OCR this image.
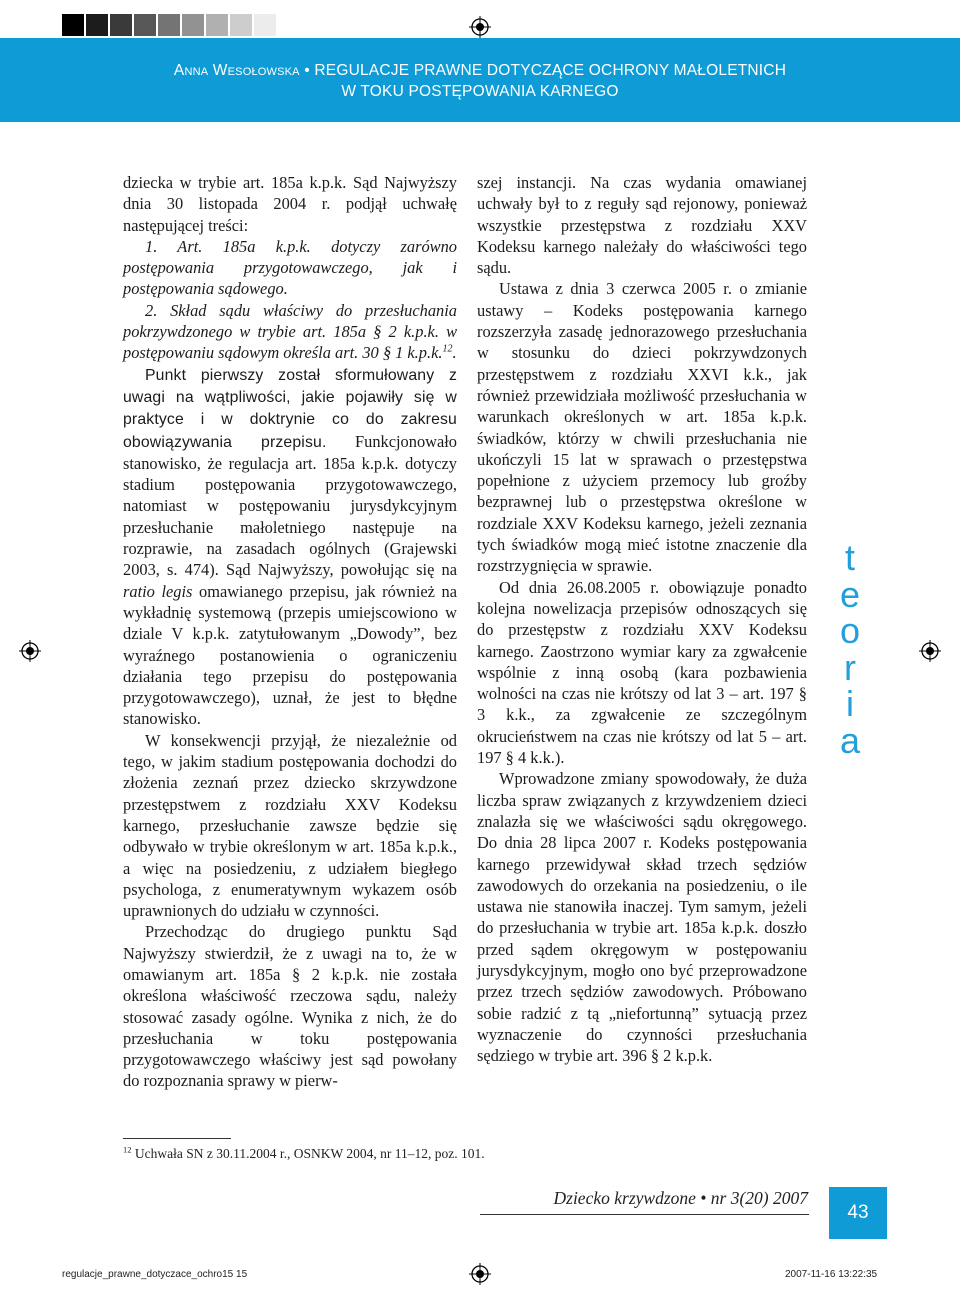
Anna Wesołowska • REGULACJE PRAWNE DOTYCZĄCE OCHRONY MAŁOLETNICH
W TOKU POSTĘPOWANIA KARNEGO

dziecka w trybie art. 185a k.p.k. Sąd Najwyższy dnia 30 listopada 2004 r. podjął uchwałę następującej treści:

1. Art. 185a k.p.k. dotyczy zarówno postępowania przygotowawczego, jak i postępowania sądowego.

2. Skład sądu właściwy do przesłuchania pokrzywdzonego w trybie art. 185a § 2 k.p.k. w postępowaniu sądowym określa art. 30 § 1 k.p.k.$^{12}$.

Punkt pierwszy został sformułowany z uwagi na wątpliwości, jakie pojawiły się w praktyce i w doktrynie co do zakresu obowiązywania przepisu. Funkcjonowało stanowisko, że regulacja art. 185a k.p.k. dotyczy stadium postępowania przygotowawczego, natomiast w postępowaniu jurysdykcyjnym przesłuchanie małoletniego następuje na rozprawie, na zasadach ogólnych (Grajewski 2003, s. 474). Sąd Najwyższy, powołując się na ratio legis omawianego przepisu, jak również na wykładnię systemową (przepis umiejscowiono w dziale V k.p.k. zatytułowanym „Dowody”, bez wyraźnego postanowienia o ograniczeniu działania tego przepisu do postępowania przygotowawczego), uznał, że jest to błędne stanowisko.

W konsekwencji przyjął, że niezależnie od tego, w jakim stadium postępowania dochodzi do złożenia zeznań przez dziecko skrzywdzone przestępstwem z rozdziału XXV Kodeksu karnego, przesłuchanie zawsze będzie się odbywało w trybie określonym w art. 185a k.p.k., a więc na posiedzeniu, z udziałem biegłego psychologa, z enumeratywnym wykazem osób uprawnionych do udziału w czynności.

Przechodząc do drugiego punktu Sąd Najwyższy stwierdził, że z uwagi na to, że w omawianym art. 185a § 2 k.p.k. nie została określona właściwość rzeczowa sądu, należy stosować zasady ogólne. Wynika z nich, że do przesłuchania w toku postępowania przygotowawczego właściwy jest sąd powołany do rozpoznania sprawy w pierw-

szej instancji. Na czas wydania omawianej uchwały był to z reguły sąd rejonowy, ponieważ wszystkie przestępstwa z rozdziału XXV Kodeksu karnego należały do właściwości tego sądu.

Ustawa z dnia 3 czerwca 2005 r. o zmianie ustawy – Kodeks postępowania karnego rozszerzyła zasadę jednorazowego przesłuchania w stosunku do dzieci pokrzywdzonych przestępstwem z rozdziału XXVI k.k., jak również przewidziała możliwość przesłuchania w warunkach określonych w art. 185a k.p.k. świadków, którzy w chwili przesłuchania nie ukończyli 15 lat w sprawach o przestępstwa popełnione z użyciem przemocy lub groźby bezprawnej lub o przestępstwa określone w rozdziale XXV Kodeksu karnego, jeżeli zeznania tych świadków mogą mieć istotne znaczenie dla rozstrzygnięcia w sprawie.

Od dnia 26.08.2005 r. obowiązuje ponadto kolejna nowelizacja przepisów odnoszących się do przestępstw z rozdziału XXV Kodeksu karnego. Zaostrzono wymiar kary za zgwałcenie wspólnie z inną osobą (kara pozbawienia wolności na czas nie krótszy od lat 3 – art. 197 § 3 k.k., za zgwałcenie ze szczególnym okrucieństwem na czas nie krótszy od lat 5 – art. 197 § 4 k.k.).

Wprowadzone zmiany spowodowały, że duża liczba spraw związanych z krzywdzeniem dzieci znalazła się we właściwości sądu okręgowego. Do dnia 28 lipca 2007 r. Kodeks postępowania karnego przewidywał skład trzech sędziów zawodowych do orzekania na posiedzeniu, o ile ustawa nie stanowiła inaczej. Tym samym, jeżeli do przesłuchania w trybie art. 185a k.p.k. doszło przed sądem okręgowym w postępowaniu jurysdykcyjnym, mogło ono być przeprowadzone przez trzech sędziów zawodowych. Próbowano sobie radzić z tą „niefortunną” sytuacją przez wyznaczenie do czynności przesłuchania sędziego w trybie art. 396 § 2 k.p.k.

t
e
o
r
i
a
$^{12}$ Uchwała SN z 30.11.2004 r., OSNKW 2004, nr 11–12, poz. 101.
Dziecko krzywdzone • nr 3(20) 2007
43
regulacje_prawne_dotyczace_ochro15 15	2007-11-16 13:22:35
